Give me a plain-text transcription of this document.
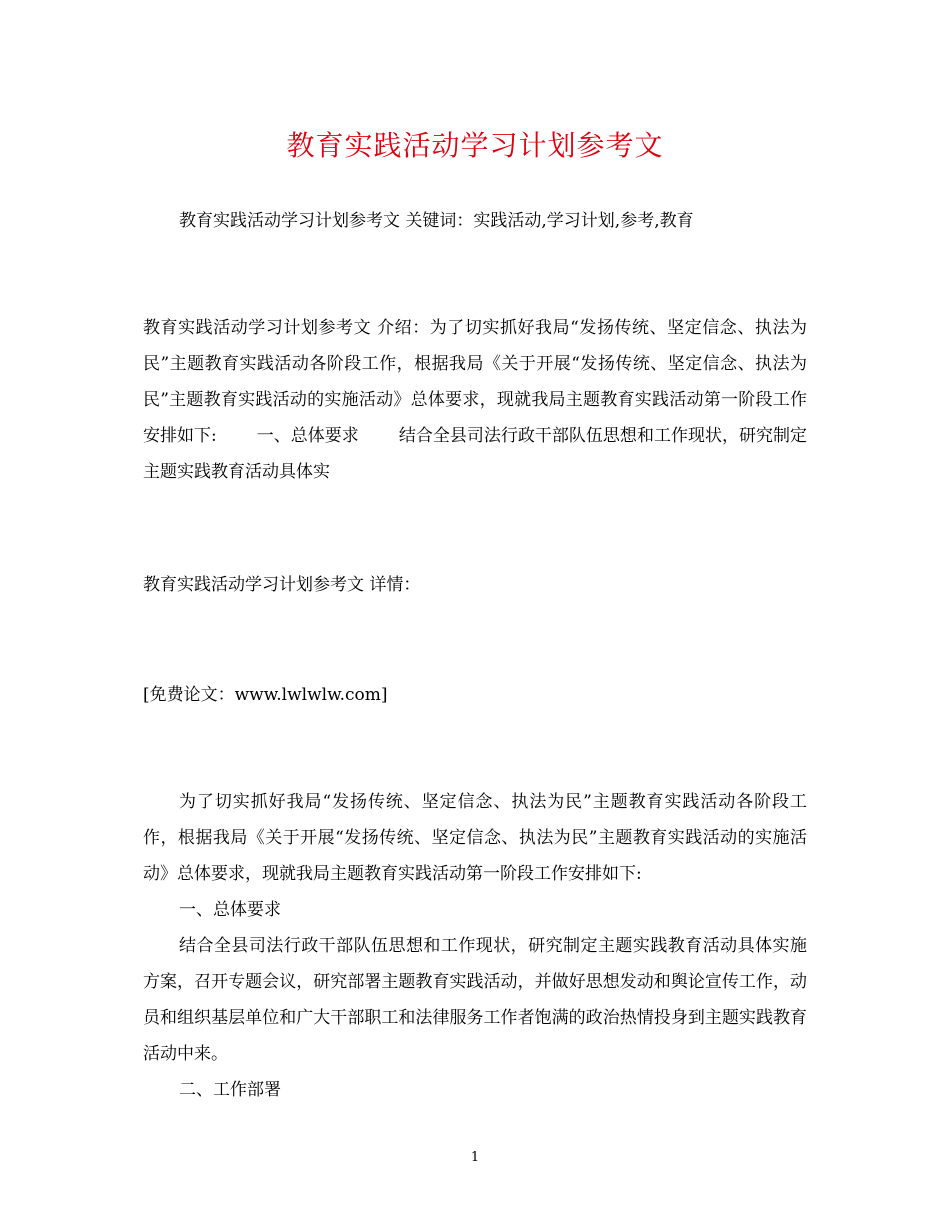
教育实践活动学习计划参考文
教育实践活动学习计划参考文 关键词：实践活动,学习计划,参考,教育
教育实践活动学习计划参考文 介绍：为了切实抓好我局“发扬传统、坚定信念、执法为民”主题教育实践活动各阶段工作，根据我局《关于开展“发扬传统、坚定信念、执法为民”主题教育实践活动的实施活动》总体要求，现就我局主题教育实践活动第一阶段工作安排如下: 一、总体要求 结合全县司法行政干部队伍思想和工作现状，研究制定主题实践教育活动具体实
教育实践活动学习计划参考文 详情：
[免费论文：www.lwlwlw.com]

为了切实抓好我局“发扬传统、坚定信念、执法为民”主题教育实践活动各阶段工作，根据我局《关于开展“发扬传统、坚定信念、执法为民”主题教育实践活动的实施活动》总体要求，现就我局主题教育实践活动第一阶段工作安排如下:

一、总体要求

结合全县司法行政干部队伍思想和工作现状，研究制定主题实践教育活动具体实施方案，召开专题会议，研究部署主题教育实践活动，并做好思想发动和舆论宣传工作，动员和组织基层单位和广大干部职工和法律服务工作者饱满的政治热情投身到主题实践教育活动中来。

二、工作部署

1
